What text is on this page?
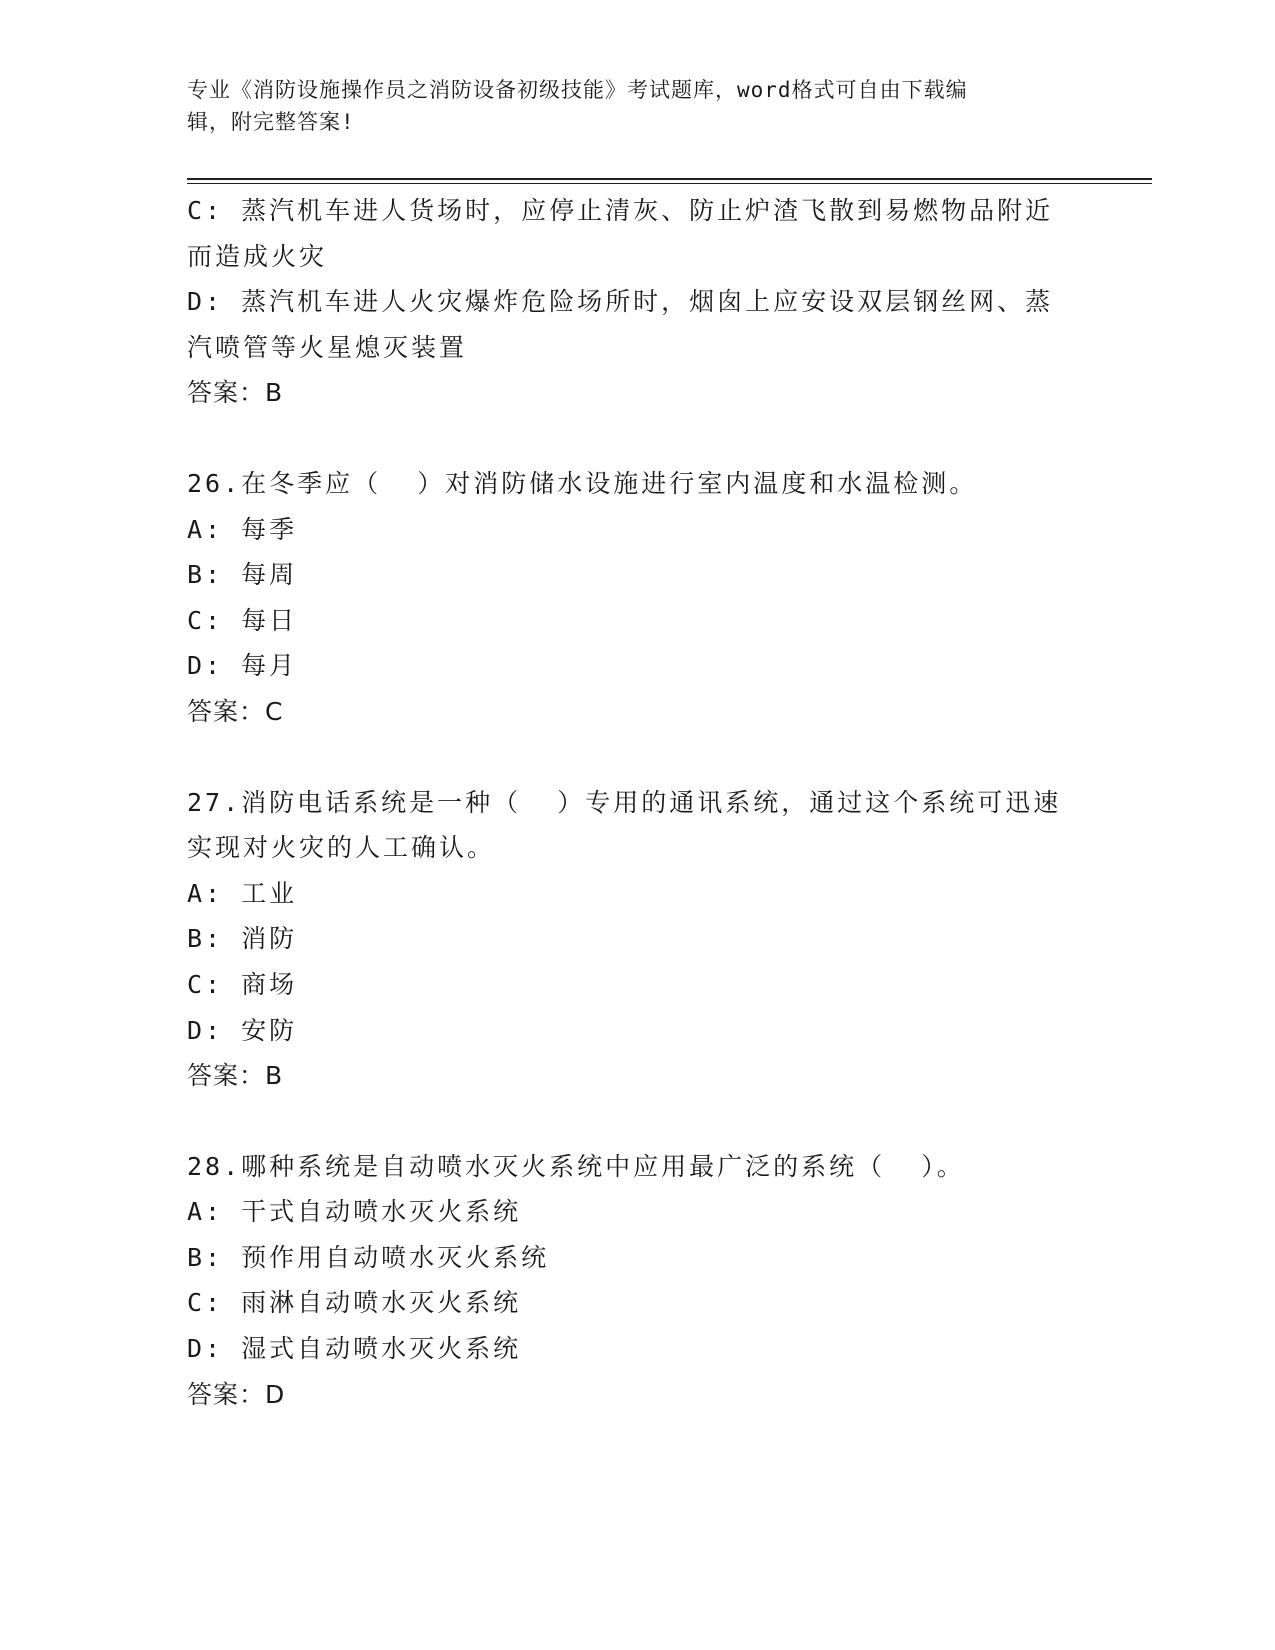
专业《消防设施操作员之消防设备初级技能》考试题库，word格式可自由下载编
辑，附完整答案!
C: 蒸汽机车进人货场时，应停止清灰、防止炉渣飞散到易燃物品附近
而造成火灾
D: 蒸汽机车进人火灾爆炸危险场所时，烟囱上应安设双层钢丝网、蒸
汽喷管等火星熄灭装置
答案：B
26.在冬季应（  ）对消防储水设施进行室内温度和水温检测。
A: 每季
B: 每周
C: 每日
D: 每月
答案：C
27.消防电话系统是一种（  ）专用的通讯系统，通过这个系统可迅速
实现对火灾的人工确认。
A: 工业
B: 消防
C: 商场
D: 安防
答案：B
28.哪种系统是自动喷水灭火系统中应用最广泛的系统（  ）。
A: 干式自动喷水灭火系统
B: 预作用自动喷水灭火系统
C: 雨淋自动喷水灭火系统
D: 湿式自动喷水灭火系统
答案：D
